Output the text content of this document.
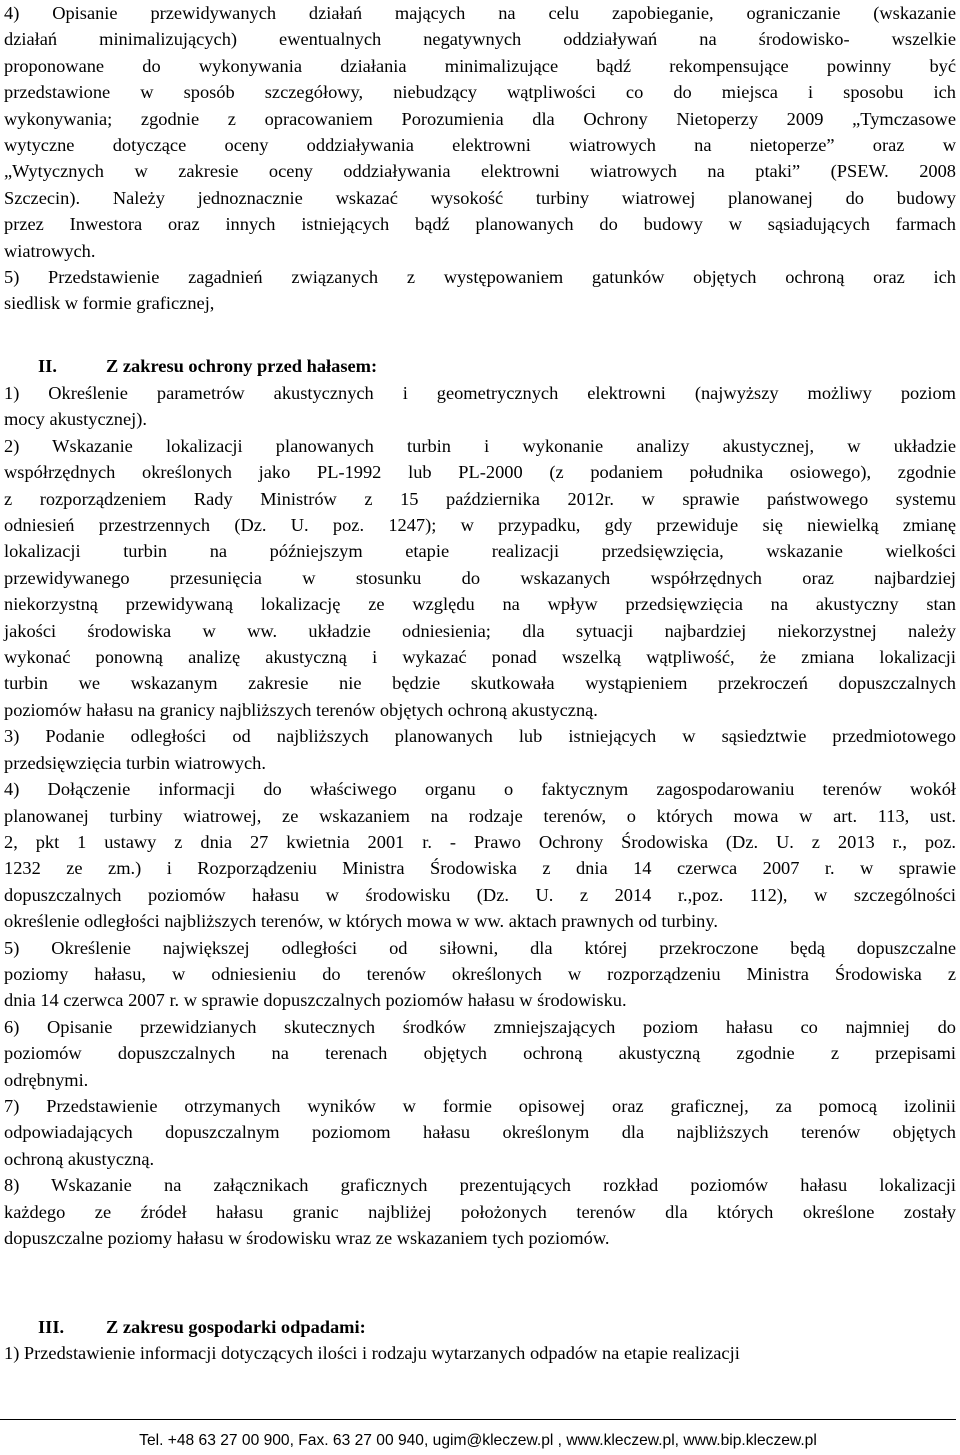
4) Opisanie przewidywanych działań mających na celu zapobieganie, ograniczanie (wskazanie
działań minimalizujących) ewentualnych negatywnych oddziaływań na środowisko- wszelkie
proponowane do wykonywania działania minimalizujące bądź rekompensujące powinny być
przedstawione w sposób szczegółowy, niebudzący wątpliwości co do miejsca i sposobu ich
wykonywania; zgodnie z opracowaniem Porozumienia dla Ochrony Nietoperzy 2009 „Tymczasowe
wytyczne dotyczące oceny oddziaływania elektrowni wiatrowych na nietoperze” oraz w
„Wytycznych w zakresie oceny oddziaływania elektrowni wiatrowych na ptaki” (PSEW. 2008
Szczecin). Należy jednoznacznie wskazać wysokość turbiny wiatrowej planowanej do budowy
przez Inwestora oraz innych istniejących bądź planowanych do budowy w sąsiadujących farmach
wiatrowych.
5) Przedstawienie zagadnień związanych z występowaniem gatunków objętych ochroną oraz ich
siedlisk w formie graficznej,
II.	Z zakresu ochrony przed hałasem:
1) Określenie parametrów akustycznych i geometrycznych elektrowni (najwyższy możliwy poziom
mocy akustycznej).
2) Wskazanie lokalizacji planowanych turbin i wykonanie analizy akustycznej, w układzie
współrzędnych określonych jako PL-1992 lub PL-2000 (z podaniem południka osiowego), zgodnie
z rozporządzeniem Rady Ministrów z 15 października 2012r. w sprawie państwowego systemu
odniesień przestrzennych (Dz. U. poz. 1247); w przypadku, gdy przewiduje się niewielką zmianę
lokalizacji turbin na późniejszym etapie realizacji przedsięwzięcia, wskazanie wielkości
przewidywanego przesunięcia w stosunku do wskazanych współrzędnych oraz najbardziej
niekorzystną przewidywaną lokalizację ze względu na wpływ przedsięwzięcia na akustyczny stan
jakości środowiska w ww. układzie odniesienia; dla sytuacji najbardziej niekorzystnej należy
wykonać ponowną analizę akustyczną i wykazać ponad wszelką wątpliwość, że zmiana lokalizacji
turbin we wskazanym zakresie nie będzie skutkowała wystąpieniem przekroczeń dopuszczalnych
poziomów hałasu na granicy najbliższych terenów objętych ochroną akustyczną.
3) Podanie odległości od najbliższych planowanych lub istniejących w sąsiedztwie przedmiotowego
przedsięwzięcia turbin wiatrowych.
4) Dołączenie informacji do właściwego organu o faktycznym zagospodarowaniu terenów wokół
planowanej turbiny wiatrowej, ze wskazaniem na rodzaje terenów, o których mowa w art. 113, ust.
2, pkt 1 ustawy z dnia 27 kwietnia 2001 r. - Prawo Ochrony Środowiska (Dz. U. z 2013 r., poz.
1232 ze zm.) i Rozporządzeniu Ministra Środowiska z dnia 14 czerwca 2007 r. w sprawie
dopuszczalnych poziomów hałasu w środowisku (Dz. U. z 2014 r.,poz. 112), w szczególności
określenie odległości najbliższych terenów, w których mowa w ww. aktach prawnych od turbiny.
5) Określenie największej odległości od siłowni, dla której przekroczone będą dopuszczalne
poziomy hałasu, w odniesieniu do terenów określonych w rozporządzeniu Ministra Środowiska z
dnia 14 czerwca 2007 r. w sprawie dopuszczalnych poziomów hałasu w środowisku.
6) Opisanie przewidzianych skutecznych środków zmniejszających poziom hałasu co najmniej do
poziomów dopuszczalnych na terenach objętych ochroną akustyczną zgodnie z przepisami
odrębnymi.
7) Przedstawienie otrzymanych wyników w formie opisowej oraz graficznej, za pomocą izolinii
odpowiadających dopuszczalnym poziomom hałasu określonym dla najbliższych terenów objętych
ochroną akustyczną.
8) Wskazanie na załącznikach graficznych prezentujących rozkład poziomów hałasu lokalizacji
każdego ze źródeł hałasu granic najbliżej położonych terenów dla których określone zostały
dopuszczalne poziomy hałasu w środowisku wraz ze wskazaniem tych poziomów.
III. Z zakresu gospodarki odpadami:
1) Przedstawienie informacji dotyczących ilości i rodzaju wytarzanych odpadów na etapie realizacji
Tel. +48 63 27 00 900, Fax. 63 27 00 940, ugim@kleczew.pl , www.kleczew.pl, www.bip.kleczew.pl
